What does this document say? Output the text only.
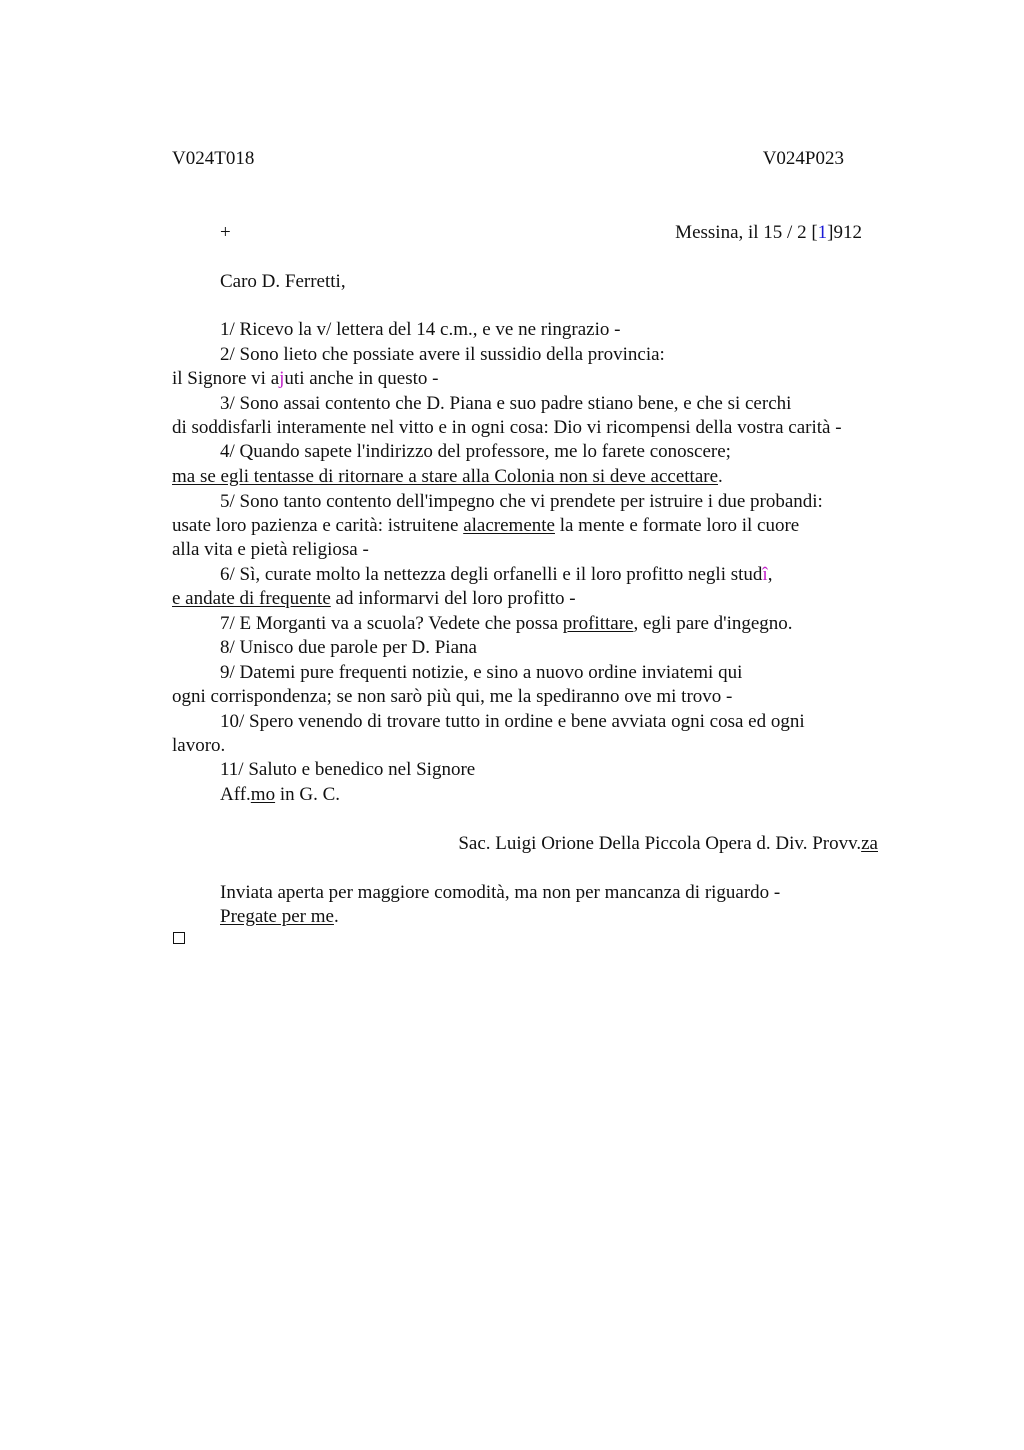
V024T018	V024P023
+	Messina, il 15 / 2 [1]912
Caro D. Ferretti,
1/ Ricevo la v/ lettera del 14 c.m., e ve ne ringrazio -
2/ Sono lieto che possiate avere il sussidio della provincia:
il Signore vi ajuti anche in questo -
3/ Sono assai contento che D. Piana e suo padre stiano bene, e che si cerchi
di soddisfarli interamente nel vitto e in ogni cosa: Dio vi ricompensi della vostra carità -
4/ Quando sapete l'indirizzo del professore, me lo farete conoscere;
ma se egli tentasse di ritornare a stare alla Colonia non si deve accettare.
5/ Sono tanto contento dell'impegno che vi prendete per istruire i due probandi:
usate loro pazienza e carità: istruitene alacremente la mente e formate loro il cuore
alla vita e pietà religiosa -
6/ Sì, curate molto la nettezza degli orfanelli e il loro profitto negli studî,
e andate di frequente ad informarvi del loro profitto -
7/ E Morganti va a scuola? Vedete che possa profittare, egli pare d'ingegno.
8/ Unisco due parole per D. Piana
9/ Datemi pure frequenti notizie, e sino a nuovo ordine inviatemi qui
ogni corrispondenza; se non sarò più qui, me la spediranno ove mi trovo -
10/ Spero venendo di trovare tutto in ordine e bene avviata ogni cosa ed ogni
lavoro.
11/ Saluto e benedico nel Signore
Aff.mo in G. C.
Sac. Luigi Orione Della Piccola Opera d. Div. Provv.za
Inviata aperta per maggiore comodità, ma non per mancanza di riguardo -
Pregate per me.
